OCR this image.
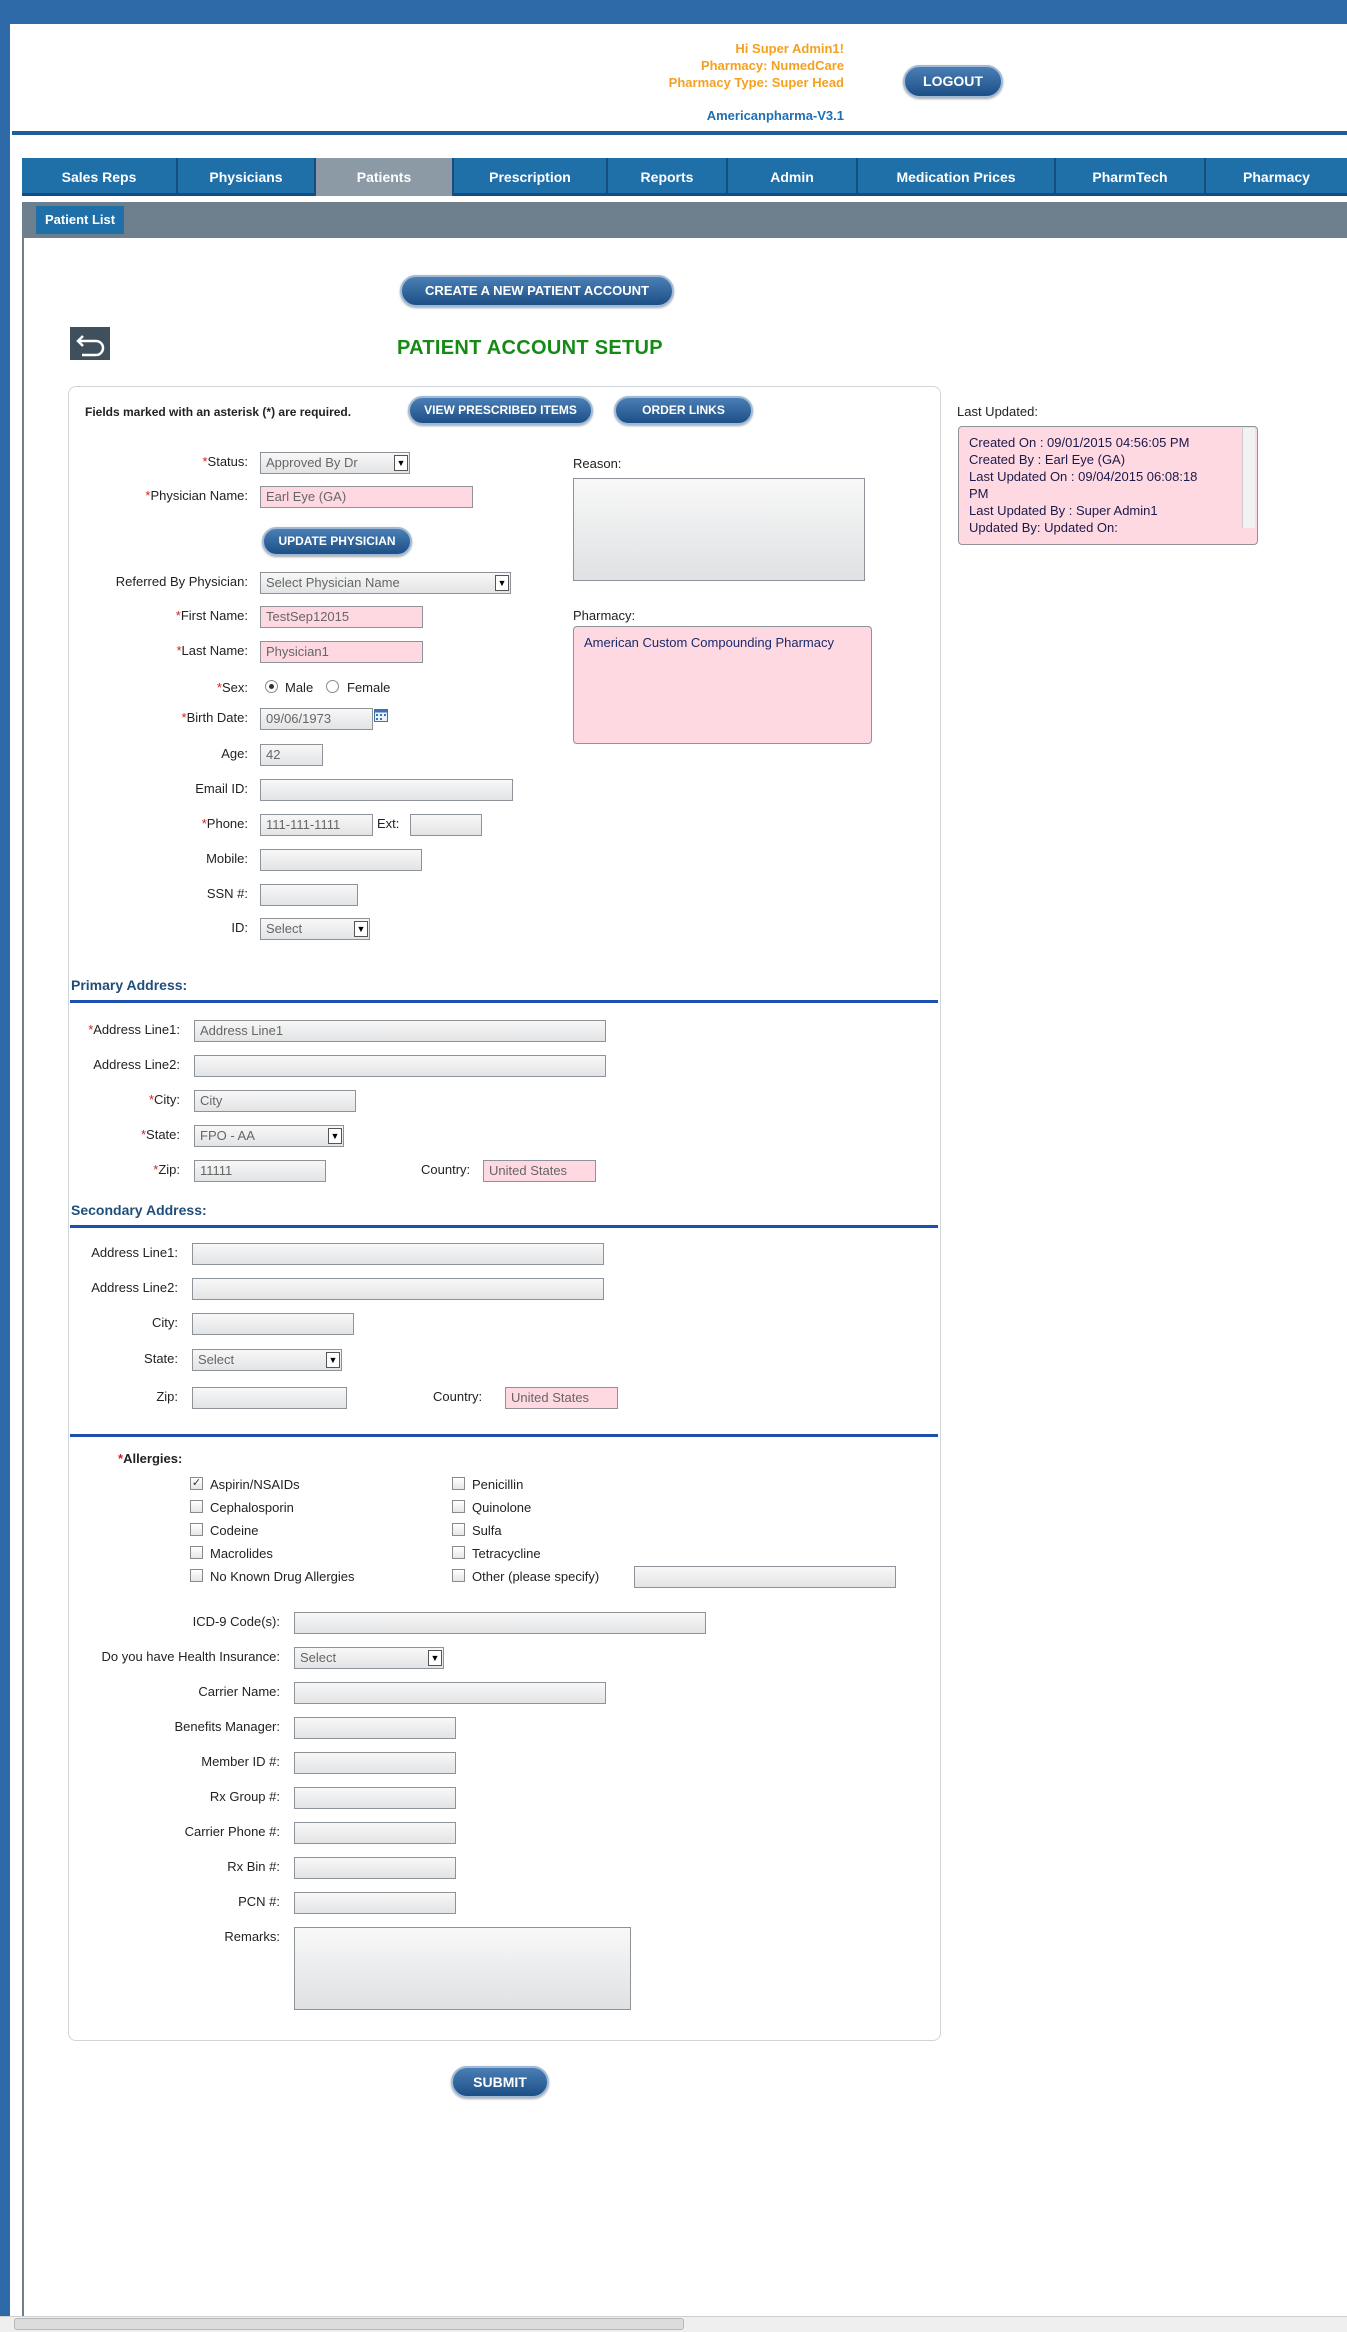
Hi Super Admin1!
Pharmacy: NumedCare
Pharmacy Type: Super Head
Americanpharma-V3.1
LOGOUT
Sales Reps	Physicians	Patients	Prescription	Reports	Admin	Medication Prices	PharmTech	Pharmacy
Patient List
CREATE A NEW PATIENT ACCOUNT
PATIENT ACCOUNT SETUP
Fields marked with an asterisk (*) are required.	VIEW PRESCRIBED ITEMS	ORDER LINKS
*Status:	Approved By Dr	▼
*Physician Name:	Earl Eye (GA)
UPDATE PHYSICIAN
Referred By Physician:	Select Physician Name	▼
*First Name:	TestSep12015
*Last Name:	Physician1
*Sex:	Male	Female
*Birth Date:	09/06/1973
Age:	42
Email ID:
*Phone:	111-111-1111	Ext:
Mobile:
SSN #:
ID:	Select	▼
Reason:
Pharmacy:
American Custom Compounding Pharmacy
Last Updated:
Created On : 09/01/2015 04:56:05 PM
Created By : Earl Eye (GA)
Last Updated On : 09/04/2015 06:08:18
PM
Last Updated By : Super Admin1
Updated By: Updated On:
Primary Address:
*Address Line1:	Address Line1
Address Line2:
*City:	City
*State:	FPO - AA	▼
*Zip:	11111	Country:	United States
Secondary Address:
Address Line1:
Address Line2:
City:
State:	Select	▼
Zip:	Country:	United States
*Allergies:
✓ Aspirin/NSAIDs	Penicillin
Cephalosporin	Quinolone
Codeine	Sulfa
Macrolides	Tetracycline
No Known Drug Allergies	Other (please specify)
ICD-9 Code(s):
Do you have Health Insurance:	Select	▼
Carrier Name:
Benefits Manager:
Member ID #:
Rx Group #:
Carrier Phone #:
Rx Bin #:
PCN #:
Remarks:
SUBMIT
